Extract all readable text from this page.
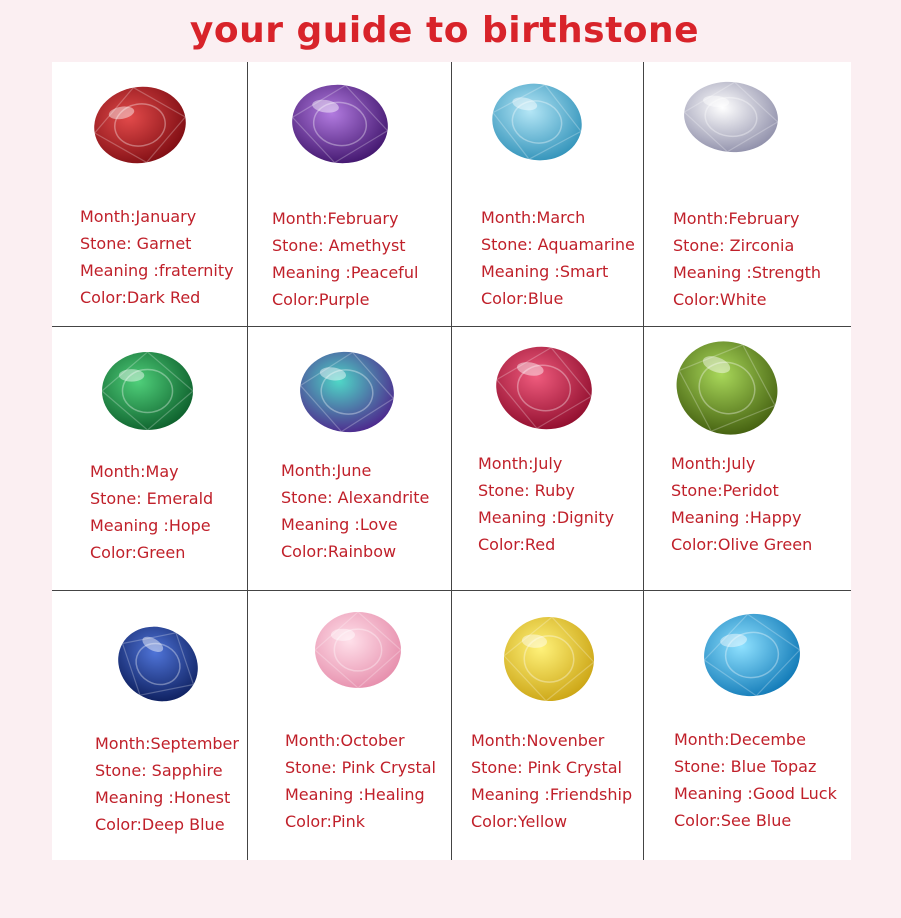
your guide to birthstone
Month:January
Stone: Garnet
Meaning :fraternity
Color:Dark Red
Month:February
Stone: Amethyst
Meaning :Peaceful
Color:Purple
Month:March
Stone: Aquamarine
Meaning :Smart
Color:Blue
Month:February
Stone: Zirconia
Meaning :Strength
Color:White
Month:May
Stone: Emerald
Meaning :Hope
Color:Green
Month:June
Stone: Alexandrite
Meaning :Love
Color:Rainbow
Month:July
Stone: Ruby
Meaning :Dignity
Color:Red
Month:July
Stone:Peridot
Meaning :Happy
Color:Olive Green
Month:September
Stone: Sapphire
Meaning :Honest
Color:Deep Blue
Month:October
Stone: Pink Crystal
Meaning :Healing
Color:Pink
Month:Novenber
Stone: Pink Crystal
Meaning :Friendship
Color:Yellow
Month:Decembe
Stone: Blue Topaz
Meaning :Good Luck
Color:See Blue
